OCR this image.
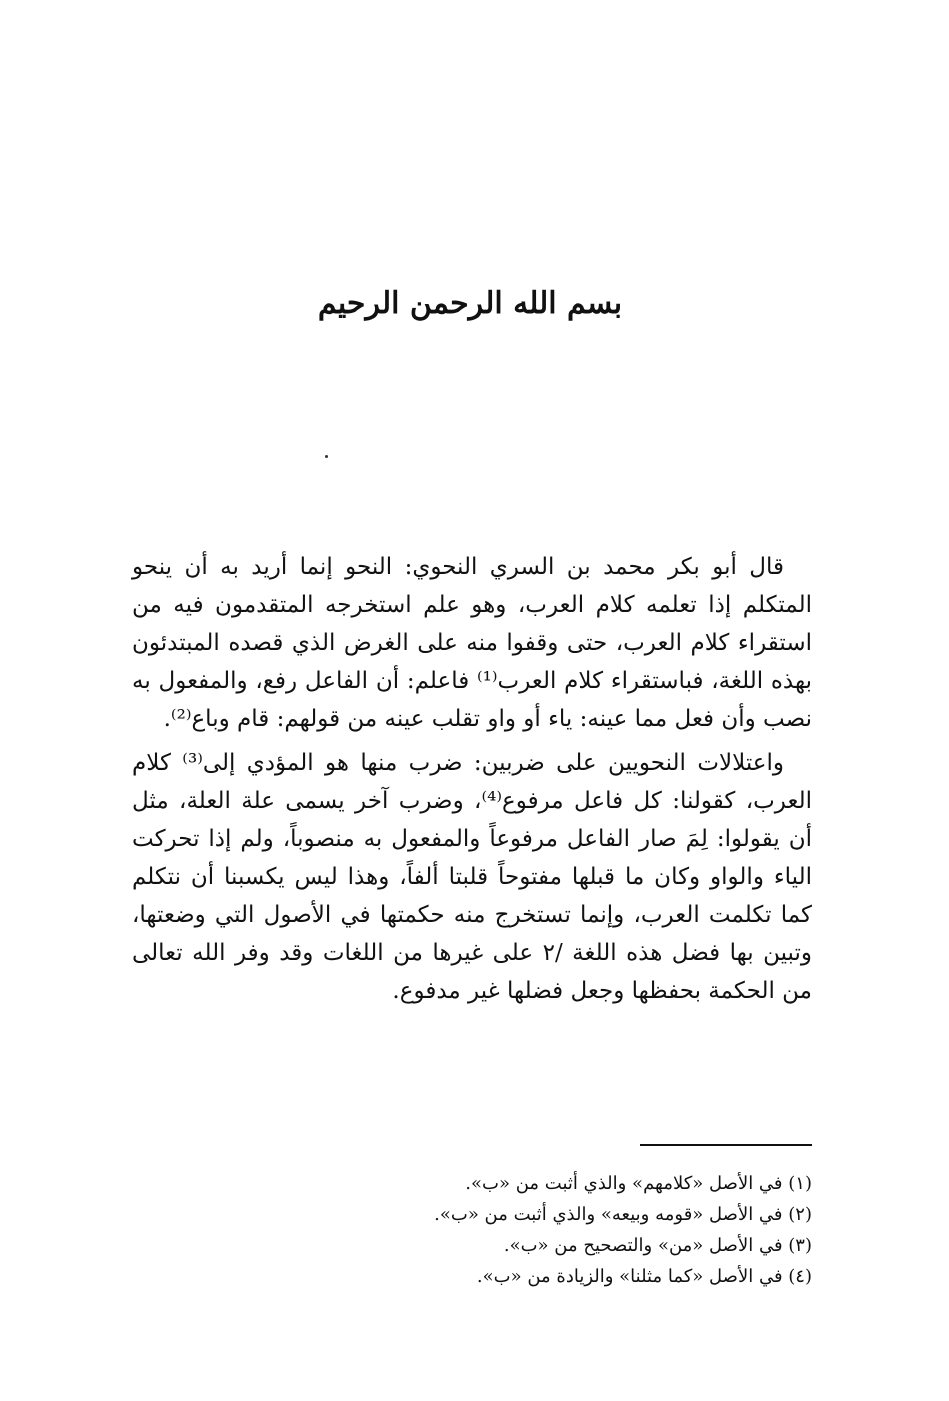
بسم الله الرحمن الرحيم

قال أبو بكر محمد بن السري النحوي: النحو إنما أريد به أن ينحو المتكلم إذا تعلمه كلام العرب، وهو علم استخرجه المتقدمون فيه من استقراء كلام العرب، حتى وقفوا منه على الغرض الذي قصده المبتدئون بهذه اللغة، فباستقراء كلام العرب⁽¹⁾ فاعلم: أن الفاعل رفع، والمفعول به نصب وأن فعل مما عينه: ياء أو واو تقلب عينه من قولهم: قام وباع⁽²⁾.

واعتلالات النحويين على ضربين: ضرب منها هو المؤدي إلى⁽³⁾ كلام العرب، كقولنا: كل فاعل مرفوع⁽⁴⁾، وضرب آخر يسمى علة العلة، مثل أن يقولوا: لِمَ صار الفاعل مرفوعاً والمفعول به منصوباً، ولم إذا تحركت الياء والواو وكان ما قبلها مفتوحاً قلبتا ألفاً، وهذا ليس يكسبنا أن نتكلم كما تكلمت العرب، وإنما تستخرج منه حكمتها في الأصول التي وضعتها، وتبين بها فضل هذه اللغة /٢ على غيرها من اللغات وقد وفر الله تعالى من الحكمة بحفظها وجعل فضلها غير مدفوع.

(١) في الأصل «كلامهم» والذي أثبت من «ب».

(٢) في الأصل «قومه وبيعه» والذي أثبت من «ب».

(٣) في الأصل «من» والتصحيح من «ب».

(٤) في الأصل «كما مثلنا» والزيادة من «ب».
